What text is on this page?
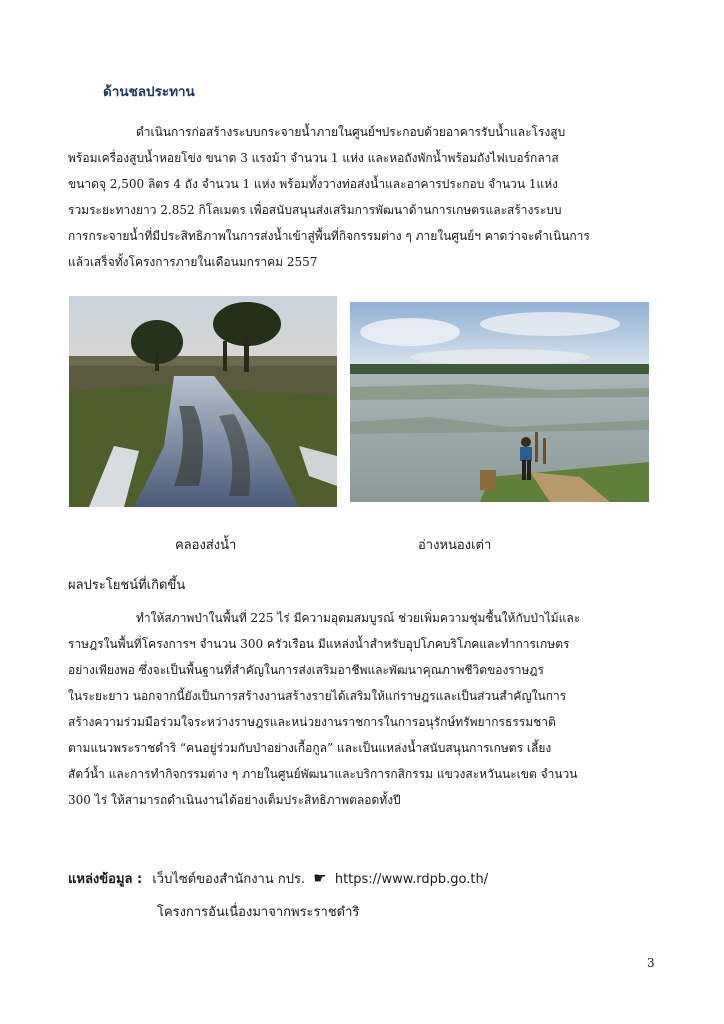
ด้านชลประทาน
ดำเนินการก่อสร้างระบบกระจายน้ำภายในศูนย์ฯประกอบด้วยอาคารรับน้ำและโรงสูบ
พร้อมเครื่องสูบน้ำหอยโข่ง ขนาด 3 แรงม้า จำนวน 1 แห่ง และหอถังพักน้ำพร้อมถังไฟเบอร์กลาส
ขนาดจุ 2,500 ลิตร 4 ถัง จำนวน 1 แห่ง พร้อมทั้งวางท่อส่งน้ำและอาคารประกอบ จำนวน 1แห่ง
รวมระยะทางยาว 2.852 กิโลเมตร เพื่อสนับสนุนส่งเสริมการพัฒนาด้านการเกษตรและสร้างระบบ
การกระจายน้ำที่มีประสิทธิภาพในการส่งน้ำเข้าสู่พื้นที่กิจกรรมต่าง ๆ ภายในศูนย์ฯ คาดว่าจะดำเนินการ
แล้วเสร็จทั้งโครงการภายในเดือนมกราคม 2557
คลองส่งน้ำ	อ่างหนองเต่า
ผลประโยชน์ที่เกิดขึ้น
ทำให้สภาพป่าในพื้นที่ 225 ไร่ มีความอุดมสมบูรณ์ ช่วยเพิ่มความชุ่มชื้นให้กับป่าไม้และ
ราษฎรในพื้นที่โครงการฯ จำนวน 300 ครัวเรือน มีแหล่งน้ำสำหรับอุปโภคบริโภคและทำการเกษตร
อย่างเพียงพอ ซึ่งจะเป็นพื้นฐานที่สำคัญในการส่งเสริมอาชีพและพัฒนาคุณภาพชีวิตของราษฎร
ในระยะยาว นอกจากนี้ยังเป็นการสร้างงานสร้างรายได้เสริมให้แก่ราษฎรและเป็นส่วนสำคัญในการ
สร้างความร่วมมือร่วมใจระหว่างราษฎรและหน่วยงานราชการในการอนุรักษ์ทรัพยากรธรรมชาติ
ตามแนวพระราชดำริ “คนอยู่ร่วมกับป่าอย่างเกื้อกูล” และเป็นแหล่งน้ำสนับสนุนการเกษตร เลี้ยง
สัตว์น้ำ และการทำกิจกรรมต่าง ๆ ภายในศูนย์พัฒนาและบริการกสิกรรม แขวงสะหวันนะเขต จำนวน
300 ไร่ ให้สามารถดำเนินงานได้อย่างเต็มประสิทธิภาพตลอดทั้งปี
แหล่งข้อมูล : เว็บไซต์ของสำนักงาน กปร. ☛ https://www.rdpb.go.th/
โครงการอันเนื่องมาจากพระราชดำริ
3
